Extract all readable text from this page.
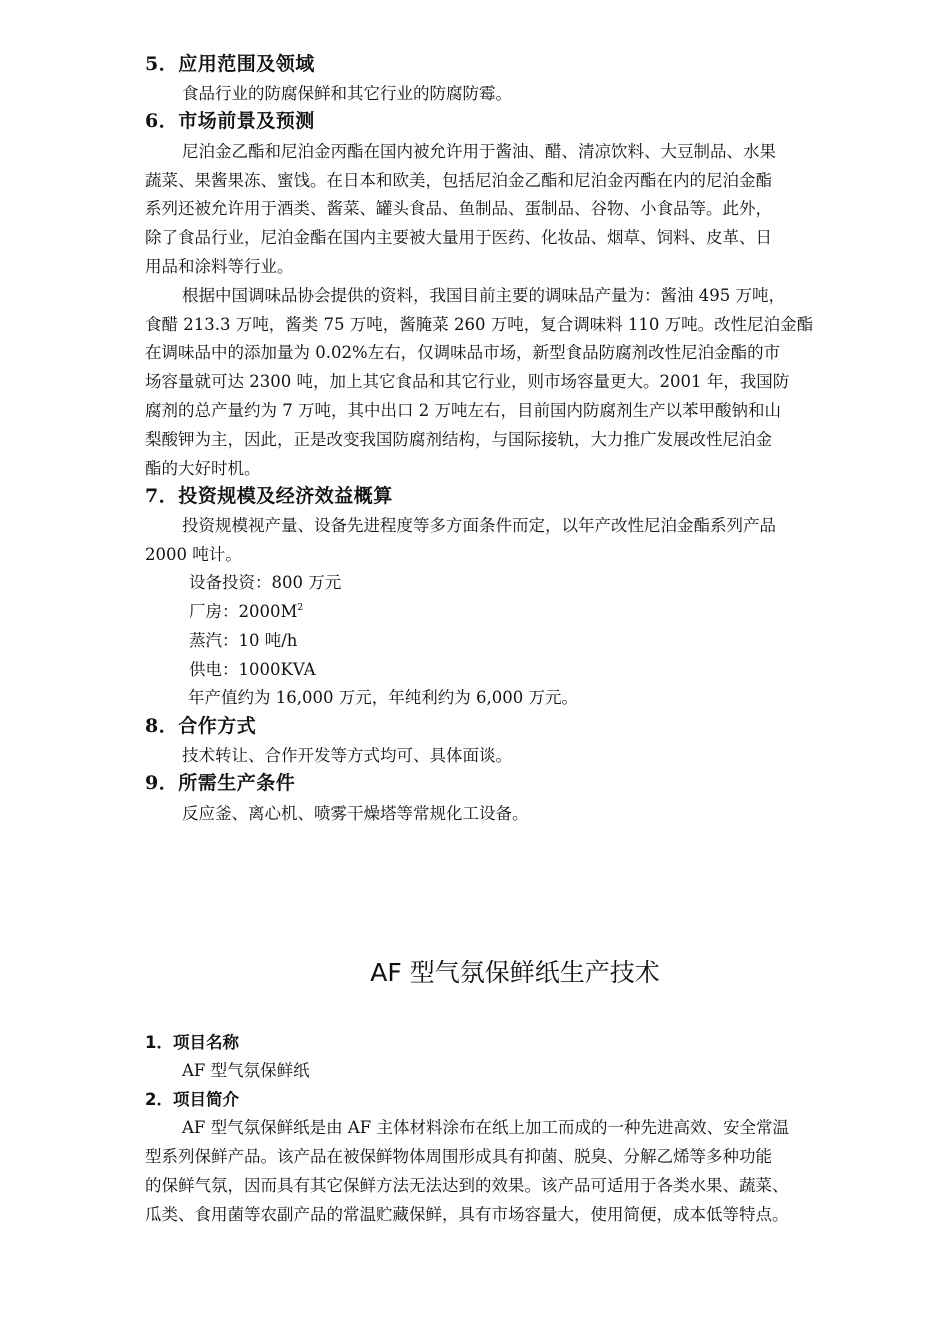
5．应用范围及领域
食品行业的防腐保鲜和其它行业的防腐防霉。
6．市场前景及预测
尼泊金乙酯和尼泊金丙酯在国内被允许用于酱油、醋、清凉饮料、大豆制品、水果
蔬菜、果酱果冻、蜜饯。在日本和欧美，包括尼泊金乙酯和尼泊金丙酯在内的尼泊金酯
系列还被允许用于酒类、酱菜、罐头食品、鱼制品、蛋制品、谷物、小食品等。此外，
除了食品行业，尼泊金酯在国内主要被大量用于医药、化妆品、烟草、饲料、皮革、日
用品和涂料等行业。
根据中国调味品协会提供的资料，我国目前主要的调味品产量为：酱油 495 万吨，
食醋 213.3 万吨，酱类 75 万吨，酱腌菜 260 万吨，复合调味料 110 万吨。改性尼泊金酯
在调味品中的添加量为 0.02%左右，仅调味品市场，新型食品防腐剂改性尼泊金酯的市
场容量就可达 2300 吨，加上其它食品和其它行业，则市场容量更大。2001 年，我国防
腐剂的总产量约为 7 万吨，其中出口 2 万吨左右，目前国内防腐剂生产以苯甲酸钠和山
梨酸钾为主，因此，正是改变我国防腐剂结构，与国际接轨，大力推广发展改性尼泊金
酯的大好时机。
7．投资规模及经济效益概算
投资规模视产量、设备先进程度等多方面条件而定，以年产改性尼泊金酯系列产品
2000 吨计。
设备投资：800 万元
厂房：$2000M^2$
蒸汽：10 吨/h
供电：1000KVA
年产值约为 16,000 万元，年纯利约为 6,000 万元。
8．合作方式
技术转让、合作开发等方式均可、具体面谈。
9．所需生产条件
反应釜、离心机、喷雾干燥塔等常规化工设备。
AF 型气氛保鲜纸生产技术
1．项目名称
AF 型气氛保鲜纸
2．项目简介
AF 型气氛保鲜纸是由 AF 主体材料涂布在纸上加工而成的一种先进高效、安全常温
型系列保鲜产品。该产品在被保鲜物体周围形成具有抑菌、脱臭、分解乙烯等多种功能
的保鲜气氛，因而具有其它保鲜方法无法达到的效果。该产品可适用于各类水果、蔬菜、
瓜类、食用菌等农副产品的常温贮藏保鲜，具有市场容量大，使用简便，成本低等特点。
